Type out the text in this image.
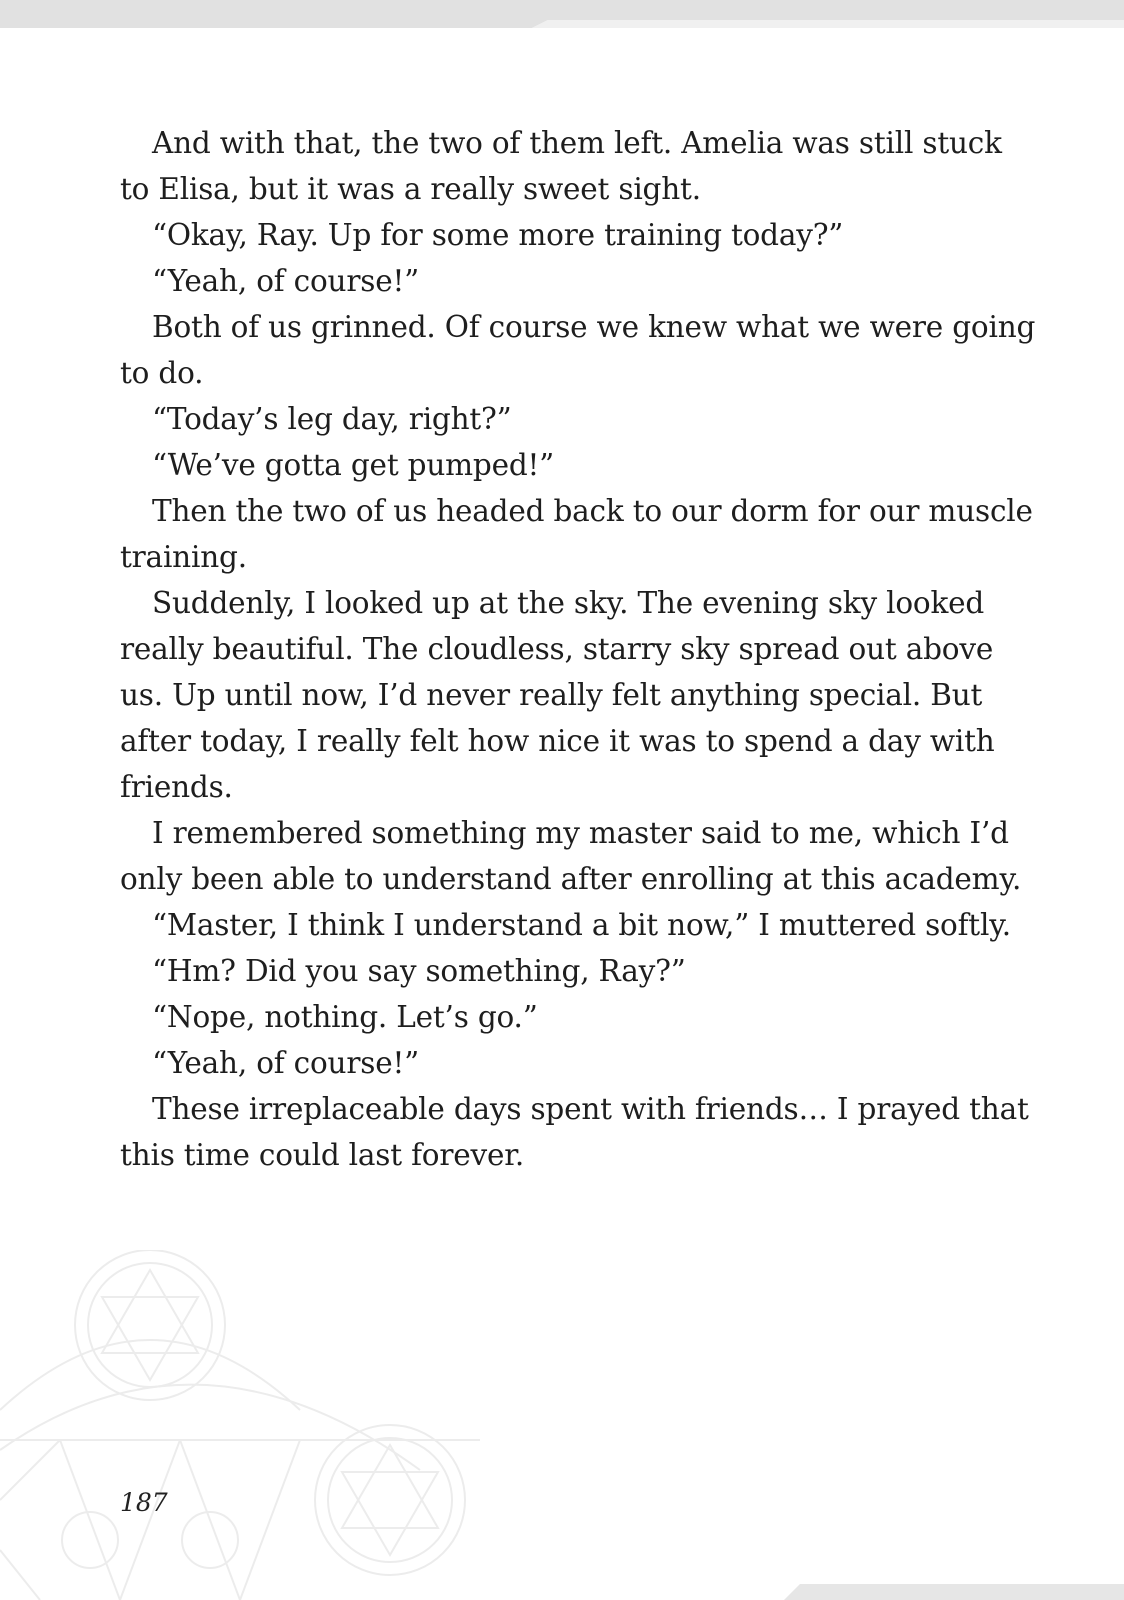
And with that, the two of them left. Amelia was still stuck to Elisa, but it was a really sweet sight.

“Okay, Ray. Up for some more training today?”

“Yeah, of course!”

Both of us grinned. Of course we knew what we were going to do.

“Today’s leg day, right?”

“We’ve gotta get pumped!”

Then the two of us headed back to our dorm for our muscle training.

Suddenly, I looked up at the sky. The evening sky looked really beautiful. The cloudless, starry sky spread out above us. Up until now, I’d never really felt anything special. But after today, I really felt how nice it was to spend a day with friends.

I remembered something my master said to me, which I’d only been able to understand after enrolling at this academy.

“Master, I think I understand a bit now,” I muttered softly.

“Hm? Did you say something, Ray?”

“Nope, nothing. Let’s go.”

“Yeah, of course!”

These irreplaceable days spent with friends… I prayed that this time could last forever.

187
